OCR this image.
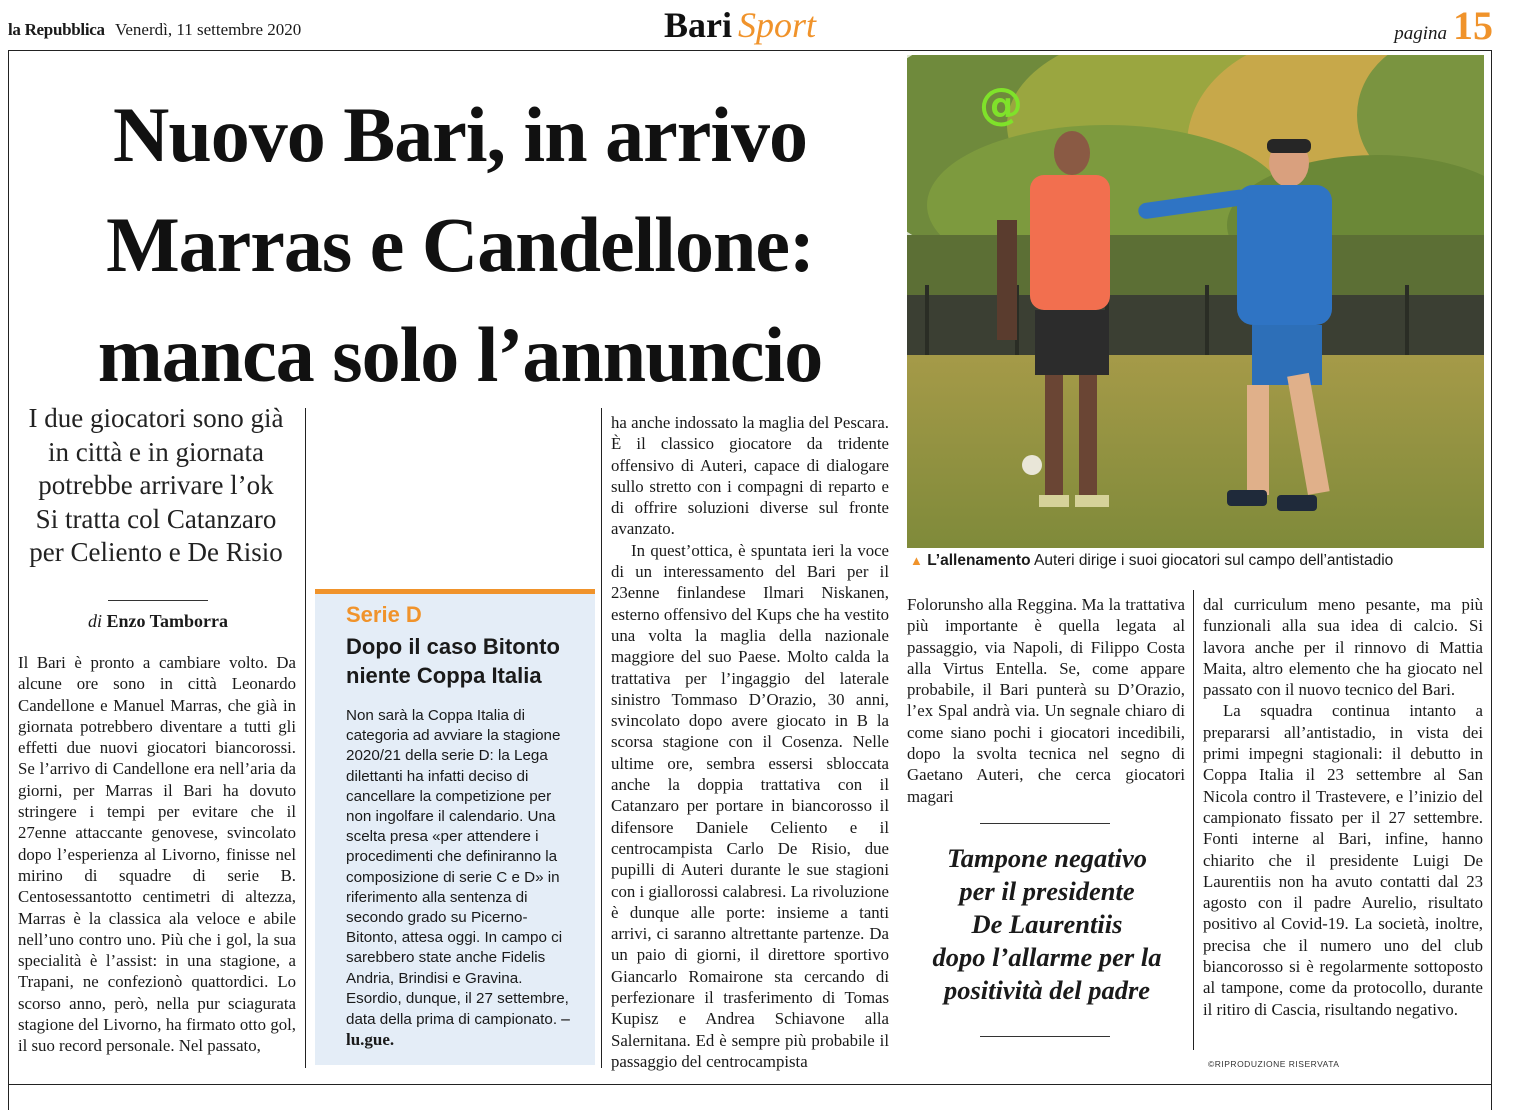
la Repubblica Venerdì, 11 settembre 2020	Bari Sport	pagina 15
Nuovo Bari, in arrivo
Marras e Candellone:
manca solo l’annuncio
@
▲ L’allenamento Auteri dirige i suoi giocatori sul campo dell’antistadio
I due giocatori sono già
in città e in giornata
potrebbe arrivare l’ok
Si tratta col Catanzaro
per Celiento e De Risio
di Enzo Tamborra

Il Bari è pronto a cambiare volto. Da alcune ore sono in città Leonardo Candellone e Manuel Marras, che già in giornata potrebbero diventare a tutti gli effetti due nuovi giocatori biancorossi. Se l’arrivo di Candellone era nell’aria da giorni, per Marras il Bari ha dovuto stringere i tempi per evitare che il 27enne attaccante genovese, svincolato dopo l’esperienza al Livorno, finisse nel mirino di squadre di serie B. Centosessantotto centimetri di altezza, Marras è la classica ala veloce e abile nell’uno contro uno. Più che i gol, la sua specialità è l’assist: in una stagione, a Trapani, ne confezionò quattordici. Lo scorso anno, però, nella pur sciagurata stagione del Livorno, ha firmato otto gol, il suo record personale. Nel passato,

ha anche indossato la maglia del Pescara. È il classico giocatore da tridente offensivo di Auteri, capace di dialogare sullo stretto con i compagni di reparto e di offrire soluzioni diverse sul fronte avanzato.

In quest’ottica, è spuntata ieri la voce di un interessamento del Bari per il 23enne finlandese Ilmari Niskanen, esterno offensivo del Kups che ha vestito una volta la maglia della nazionale maggiore del suo Paese. Molto calda la trattativa per l’ingaggio del laterale sinistro Tommaso D’Orazio, 30 anni, svincolato dopo avere giocato in B la scorsa stagione con il Cosenza. Nelle ultime ore, sembra essersi sbloccata anche la doppia trattativa con il Catanzaro per portare in biancorosso il difensore Daniele Celiento e il centrocampista Carlo De Risio, due pupilli di Auteri durante le sue stagioni con i giallorossi calabresi. La rivoluzione è dunque alle porte: insieme a tanti arrivi, ci saranno altrettante partenze. Da un paio di giorni, il direttore sportivo Giancarlo Romairone sta cercando di perfezionare il trasferimento di Tomas Kupisz e Andrea Schiavone alla Salernitana. Ed è sempre più probabile il passaggio del centrocampista

Folorunsho alla Reggina. Ma la trattativa più importante è quella legata al passaggio, via Napoli, di Filippo Costa alla Virtus Entella. Se, come appare probabile, il Bari punterà su D’Orazio, l’ex Spal andrà via. Un segnale chiaro di come siano pochi i giocatori incedibili, dopo la svolta tecnica nel segno di Gaetano Auteri, che cerca giocatori magari

dal curriculum meno pesante, ma più funzionali alla sua idea di calcio. Si lavora anche per il rinnovo di Mattia Maita, altro elemento che ha giocato nel passato con il nuovo tecnico del Bari.

La squadra continua intanto a prepararsi all’antistadio, in vista dei primi impegni stagionali: il debutto in Coppa Italia il 23 settembre al San Nicola contro il Trastevere, e l’inizio del campionato fissato per il 27 settembre. Fonti interne al Bari, infine, hanno chiarito che il presidente Luigi De Laurentiis non ha avuto contatti dal 23 agosto con il padre Aurelio, risultato positivo al Covid-19. La società, inoltre, precisa che il numero uno del club biancorosso si è regolarmente sottoposto al tampone, come da protocollo, durante il ritiro di Cascia, risultando negativo.

©RIPRODUZIONE RISERVATA
Serie D
Dopo il caso Bitonto
niente Coppa Italia
Non sarà la Coppa Italia di categoria ad avviare la stagione 2020/21 della serie D: la Lega dilettanti ha infatti deciso di cancellare la competizione per non ingolfare il calendario. Una scelta presa «per attendere i procedimenti che definiranno la composizione di serie C e D» in riferimento alla sentenza di secondo grado su Picerno-Bitonto, attesa oggi. In campo ci sarebbero state anche Fidelis Andria, Brindisi e Gravina. Esordio, dunque, il 27 settembre, data della prima di campionato. – lu.gue.
Tampone negativo
per il presidente
De Laurentiis
dopo l’allarme per la
positività del padre
